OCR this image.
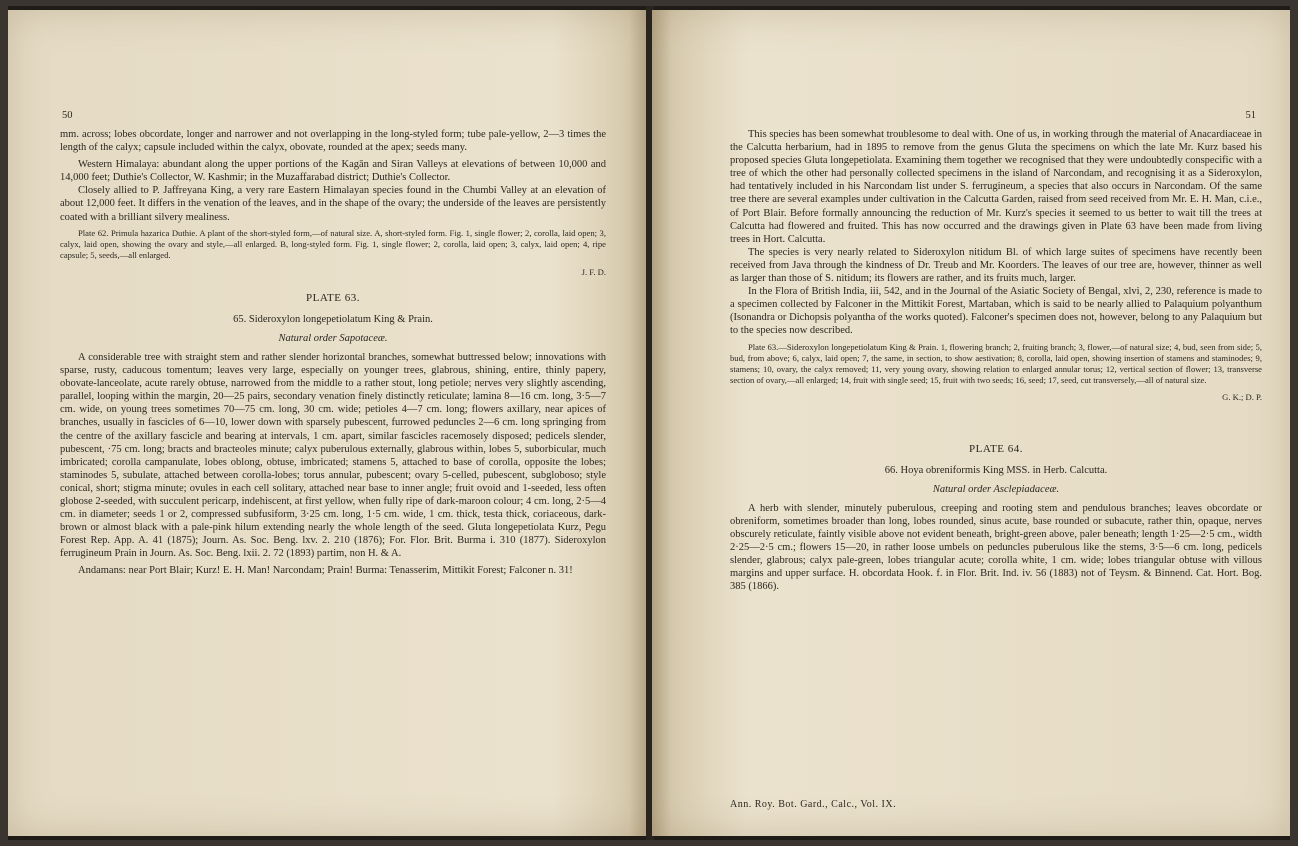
50

mm. across; lobes obcordate, longer and narrower and not overlapping in the long-styled form; tube pale-yellow, 2—3 times the length of the calyx; capsule included within the calyx, obovate, rounded at the apex; seeds many.

Western Himalaya: abundant along the upper portions of the Kagān and Siran Valleys at elevations of between 10,000 and 14,000 feet; Duthie's Collector, W. Kashmir; in the Muzaffarabad district; Duthie's Collector.

Closely allied to P. Jaffreyana King, a very rare Eastern Himalayan species found in the Chumbi Valley at an elevation of about 12,000 feet. It differs in the venation of the leaves, and in the shape of the ovary; the underside of the leaves are persistently coated with a brilliant silvery mealiness.

Plate 62. Primula hazarica Duthie. A plant of the short-styled form,—of natural size. A, short-styled form. Fig. 1, single flower; 2, corolla, laid open; 3, calyx, laid open, showing the ovary and style,—all enlarged. B, long-styled form. Fig. 1, single flower; 2, corolla, laid open; 3, calyx, laid open; 4, ripe capsule; 5, seeds,—all enlarged.

J. F. D.
PLATE 63.
65. Sideroxylon longepetiolatum King & Prain.
Natural order Sapotaceæ.

A considerable tree with straight stem and rather slender horizontal branches, somewhat buttressed below; innovations with sparse, rusty, caducous tomentum; leaves very large, especially on younger trees, glabrous, shining, entire, thinly papery, obovate-lanceolate, acute rarely obtuse, narrowed from the middle to a rather stout, long petiole; nerves very slightly ascending, parallel, looping within the margin, 20—25 pairs, secondary venation finely distinctly reticulate; lamina 8—16 cm. long, 3·5—7 cm. wide, on young trees sometimes 70—75 cm. long, 30 cm. wide; petioles 4—7 cm. long; flowers axillary, near apices of branches, usually in fascicles of 6—10, lower down with sparsely pubescent, furrowed peduncles 2—6 cm. long springing from the centre of the axillary fascicle and bearing at intervals, 1 cm. apart, similar fascicles racemosely disposed; pedicels slender, pubescent, ·75 cm. long; bracts and bracteoles minute; calyx puberulous externally, glabrous within, lobes 5, suborbicular, much imbricated; corolla campanulate, lobes oblong, obtuse, imbricated; stamens 5, attached to base of corolla, opposite the lobes; staminodes 5, subulate, attached between corolla-lobes; torus annular, pubescent; ovary 5-celled, pubescent, subgloboso; style conical, short; stigma minute; ovules in each cell solitary, attached near base to inner angle; fruit ovoid and 1-seeded, less often globose 2-seeded, with succulent pericarp, indehiscent, at first yellow, when fully ripe of dark-maroon colour; 4 cm. long, 2·5—4 cm. in diameter; seeds 1 or 2, compressed subfusiform, 3·25 cm. long, 1·5 cm. wide, 1 cm. thick, testa thick, coriaceous, dark-brown or almost black with a pale-pink hilum extending nearly the whole length of the seed. Gluta longepetiolata Kurz, Pegu Forest Rep. App. A. 41 (1875); Journ. As. Soc. Beng. lxv. 2. 210 (1876); For. Flor. Brit. Burma i. 310 (1877). Sideroxylon ferrugineum Prain in Journ. As. Soc. Beng. lxii. 2. 72 (1893) partim, non H. & A.

Andamans: near Port Blair; Kurz! E. H. Man! Narcondam; Prain! Burma: Tenasserim, Mittikit Forest; Falconer n. 31!

51

This species has been somewhat troublesome to deal with. One of us, in working through the material of Anacardiaceae in the Calcutta herbarium, had in 1895 to remove from the genus Gluta the specimens on which the late Mr. Kurz based his proposed species Gluta longepetiolata. Examining them together we recognised that they were undoubtedly conspecific with a tree of which the other had personally collected specimens in the island of Narcondam, and recognising it as a Sideroxylon, had tentatively included in his Narcondam list under S. ferrugineum, a species that also occurs in Narcondam. Of the same tree there are several examples under cultivation in the Calcutta Garden, raised from seed received from Mr. E. H. Man, c.i.e., of Port Blair. Before formally announcing the reduction of Mr. Kurz's species it seemed to us better to wait till the trees at Calcutta had flowered and fruited. This has now occurred and the drawings given in Plate 63 have been made from living trees in Hort. Calcutta.

The species is very nearly related to Sideroxylon nitidum Bl. of which large suites of specimens have recently been received from Java through the kindness of Dr. Treub and Mr. Koorders. The leaves of our tree are, however, thinner as well as larger than those of S. nitidum; its flowers are rather, and its fruits much, larger.

In the Flora of British India, iii, 542, and in the Journal of the Asiatic Society of Bengal, xlvi, 2, 230, reference is made to a specimen collected by Falconer in the Mittikit Forest, Martaban, which is said to be nearly allied to Palaquium polyanthum (Isonandra or Dichopsis polyantha of the works quoted). Falconer's specimen does not, however, belong to any Palaquium but to the species now described.

Plate 63.—Sideroxylon longepetiolatum King & Prain. 1, flowering branch; 2, fruiting branch; 3, flower,—of natural size; 4, bud, seen from side; 5, bud, from above; 6, calyx, laid open; 7, the same, in section, to show aestivation; 8, corolla, laid open, showing insertion of stamens and staminodes; 9, stamens; 10, ovary, the calyx removed; 11, very young ovary, showing relation to enlarged annular torus; 12, vertical section of flower; 13, transverse section of ovary,—all enlarged; 14, fruit with single seed; 15, fruit with two seeds; 16, seed; 17, seed, cut transversely,—all of natural size.

G. K.; D. P.
PLATE 64.
66. Hoya obreniformis King MSS. in Herb. Calcutta.
Natural order Asclepiadaceæ.

A herb with slender, minutely puberulous, creeping and rooting stem and pendulous branches; leaves obcordate or obreniform, sometimes broader than long, lobes rounded, sinus acute, base rounded or subacute, rather thin, opaque, nerves obscurely reticulate, faintly visible above not evident beneath, bright-green above, paler beneath; length 1·25—2·5 cm., width 2·25—2·5 cm.; flowers 15—20, in rather loose umbels on peduncles puberulous like the stems, 3·5—6 cm. long, pedicels slender, glabrous; calyx pale-green, lobes triangular acute; corolla white, 1 cm. wide; lobes triangular obtuse with villous margins and upper surface. H. obcordata Hook. f. in Flor. Brit. Ind. iv. 56 (1883) not of Teysm. & Binnend. Cat. Hort. Bog. 385 (1866).

Ann. Roy. Bot. Gard., Calc., Vol. IX.
